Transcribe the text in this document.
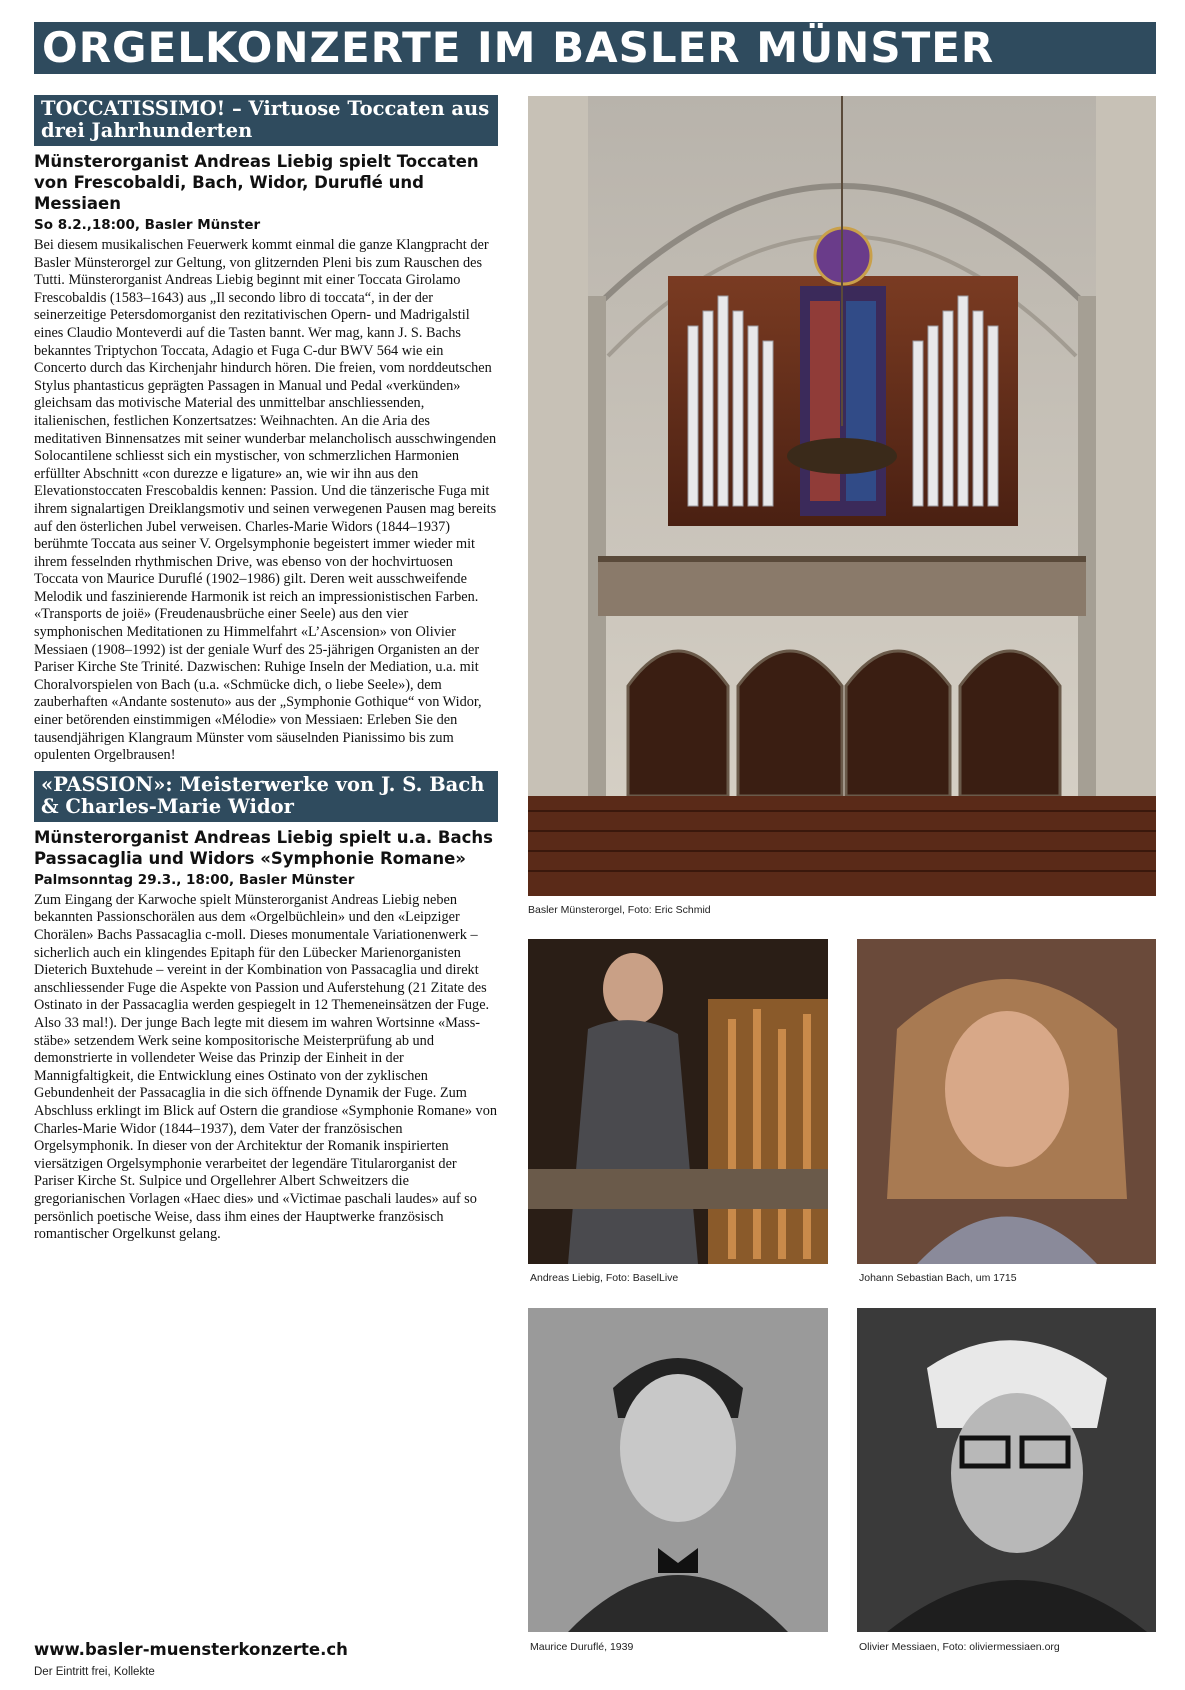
ORGELKONZERTE IM BASLER MÜNSTER
TOCCATISSIMO! – Virtuose Toccaten aus drei Jahrhunderten
Münsterorganist Andreas Liebig spielt Toccaten von Frescobaldi, Bach, Widor, Duruflé und Messiaen
So 8.2.,18:00, Basler Münster
Bei diesem musikalischen Feuerwerk kommt einmal die ganze Klangpracht der Basler Münsterorgel zur Geltung, von glitzernden Pleni bis zum Rauschen des Tutti. Münsterorganist Andreas Liebig beginnt mit einer Toccata Girolamo Frescobaldis (1583–1643) aus „Il secondo libro di toccata“, in der der seinerzeitige Petersdomorganist den rezitativischen Opern- und Madrigalstil eines Claudio Monteverdi auf die Tasten bannt. Wer mag, kann J. S. Bachs bekanntes Triptychon Toccata, Adagio et Fuga C-dur BWV 564 wie ein Concerto durch das Kirchenjahr hindurch hören. Die freien, vom norddeutschen Stylus phantasticus geprägten Passagen in Manual und Pedal «verkünden» gleichsam das motivische Material des unmittelbar anschliessenden, italienischen, festlichen Konzertsatzes: Weihnachten. An die Aria des meditativen Binnensatzes mit seiner wunderbar melancholisch ausschwingenden Solocantilene schliesst sich ein mystischer, von schmerzlichen Harmonien erfüllter Abschnitt «con durezze e ligature» an, wie wir ihn aus den Elevationstoccaten Frescobaldis kennen: Passion. Und die tänzerische Fuga mit ihrem signalartigen Dreiklangsmotiv und seinen verwegenen Pausen mag bereits auf den österlichen Jubel verweisen. Charles-Marie Widors (1844–1937) berühmte Toccata aus seiner V. Orgelsymphonie begeistert immer wieder mit ihrem fesselnden rhythmischen Drive, was ebenso von der hochvirtuosen Toccata von Maurice Duruflé (1902–1986) gilt. Deren weit ausschweifende Melodik und faszinierende Harmonik ist reich an impressionistischen Farben. «Transports de joië» (Freudenausbrüche einer Seele) aus den vier symphonischen Meditationen zu Himmelfahrt «L’Ascension» von Olivier Messiaen (1908–1992) ist der geniale Wurf des 25-jährigen Organisten an der Pariser Kirche Ste Trinité. Dazwischen: Ruhige Inseln der Mediation, u.a. mit Choralvorspielen von Bach (u.a. «Schmücke dich, o liebe Seele»), dem zauberhaften «Andante sostenuto» aus der „Symphonie Gothique“ von Widor, einer betörenden einstimmigen «Mélodie» von Messiaen: Erleben Sie den tausendjährigen Klangraum Münster vom säuselnden Pianissimo bis zum opulenten Orgelbrausen!
«PASSION»: Meisterwerke von J. S. Bach & Charles-Marie Widor
Münsterorganist Andreas Liebig spielt u.a. Bachs Passacaglia und Widors «Symphonie Romane»
Palmsonntag 29.3., 18:00, Basler Münster
Zum Eingang der Karwoche spielt Münsterorganist Andreas Liebig neben bekannten Passionschorälen aus dem «Orgelbüchlein» und den «Leipziger Chorälen» Bachs Passacaglia c-moll. Dieses monumentale Variationenwerk – sicherlich auch ein klingendes Epitaph für den Lübecker Marienorganisten Dieterich Buxtehude – vereint in der Kombination von Passacaglia und direkt anschliessender Fuge die Aspekte von Passion und Auferstehung (21 Zitate des Ostinato in der Passacaglia werden gespiegelt in 12 Themeneinsätzen der Fuge. Also 33 mal!). Der junge Bach legte mit diesem im wahren Wortsinne «Mass-stäbe» setzendem Werk seine kompositorische Meisterprüfung ab und demonstrierte in vollendeter Weise das Prinzip der Einheit in der Mannigfaltigkeit, die Entwicklung eines Ostinato von der zyklischen Gebundenheit der Passacaglia in die sich öffnende Dynamik der Fuge. Zum Abschluss erklingt im Blick auf Ostern die grandiose «Symphonie Romane» von Charles-Marie Widor (1844–1937), dem Vater der französischen Orgelsymphonik. In dieser von der Architektur der Romanik inspirierten viersätzigen Orgelsymphonie verarbeitet der legendäre Titularorganist der Pariser Kirche St. Sulpice und Orgellehrer Albert Schweitzers die gregorianischen Vorlagen «Haec dies» und «Victimae paschali laudes» auf so persönlich poetische Weise, dass ihm eines der Hauptwerke französisch romantischer Orgelkunst gelang.
Basler Münsterorgel, Foto: Eric Schmid
Andreas Liebig, Foto: BaselLive	Johann Sebastian Bach, um 1715
Maurice Duruflé, 1939	Olivier Messiaen, Foto: oliviermessiaen.org
www.basler-muensterkonzerte.ch
Der Eintritt frei, Kollekte
